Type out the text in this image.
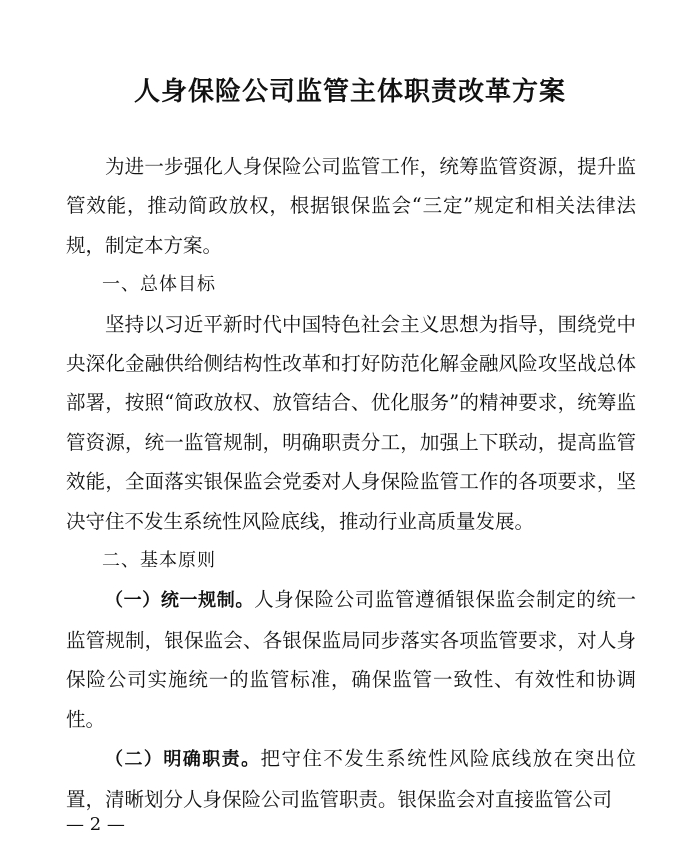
人身保险公司监管主体职责改革方案

为进一步强化人身保险公司监管工作，统筹监管资源，提升监管效能，推动简政放权，根据银保监会“三定”规定和相关法律法规，制定本方案。

一、总体目标

坚持以习近平新时代中国特色社会主义思想为指导，围绕党中央深化金融供给侧结构性改革和打好防范化解金融风险攻坚战总体部署，按照“简政放权、放管结合、优化服务”的精神要求，统筹监管资源，统一监管规制，明确职责分工，加强上下联动，提高监管效能，全面落实银保监会党委对人身保险监管工作的各项要求，坚决守住不发生系统性风险底线，推动行业高质量发展。

二、基本原则

（一）统一规制。人身保险公司监管遵循银保监会制定的统一监管规制，银保监会、各银保监局同步落实各项监管要求，对人身保险公司实施统一的监管标准，确保监管一致性、有效性和协调性。

（二）明确职责。把守住不发生系统性风险底线放在突出位置，清晰划分人身保险公司监管职责。银保监会对直接监管公司

— 2 —
